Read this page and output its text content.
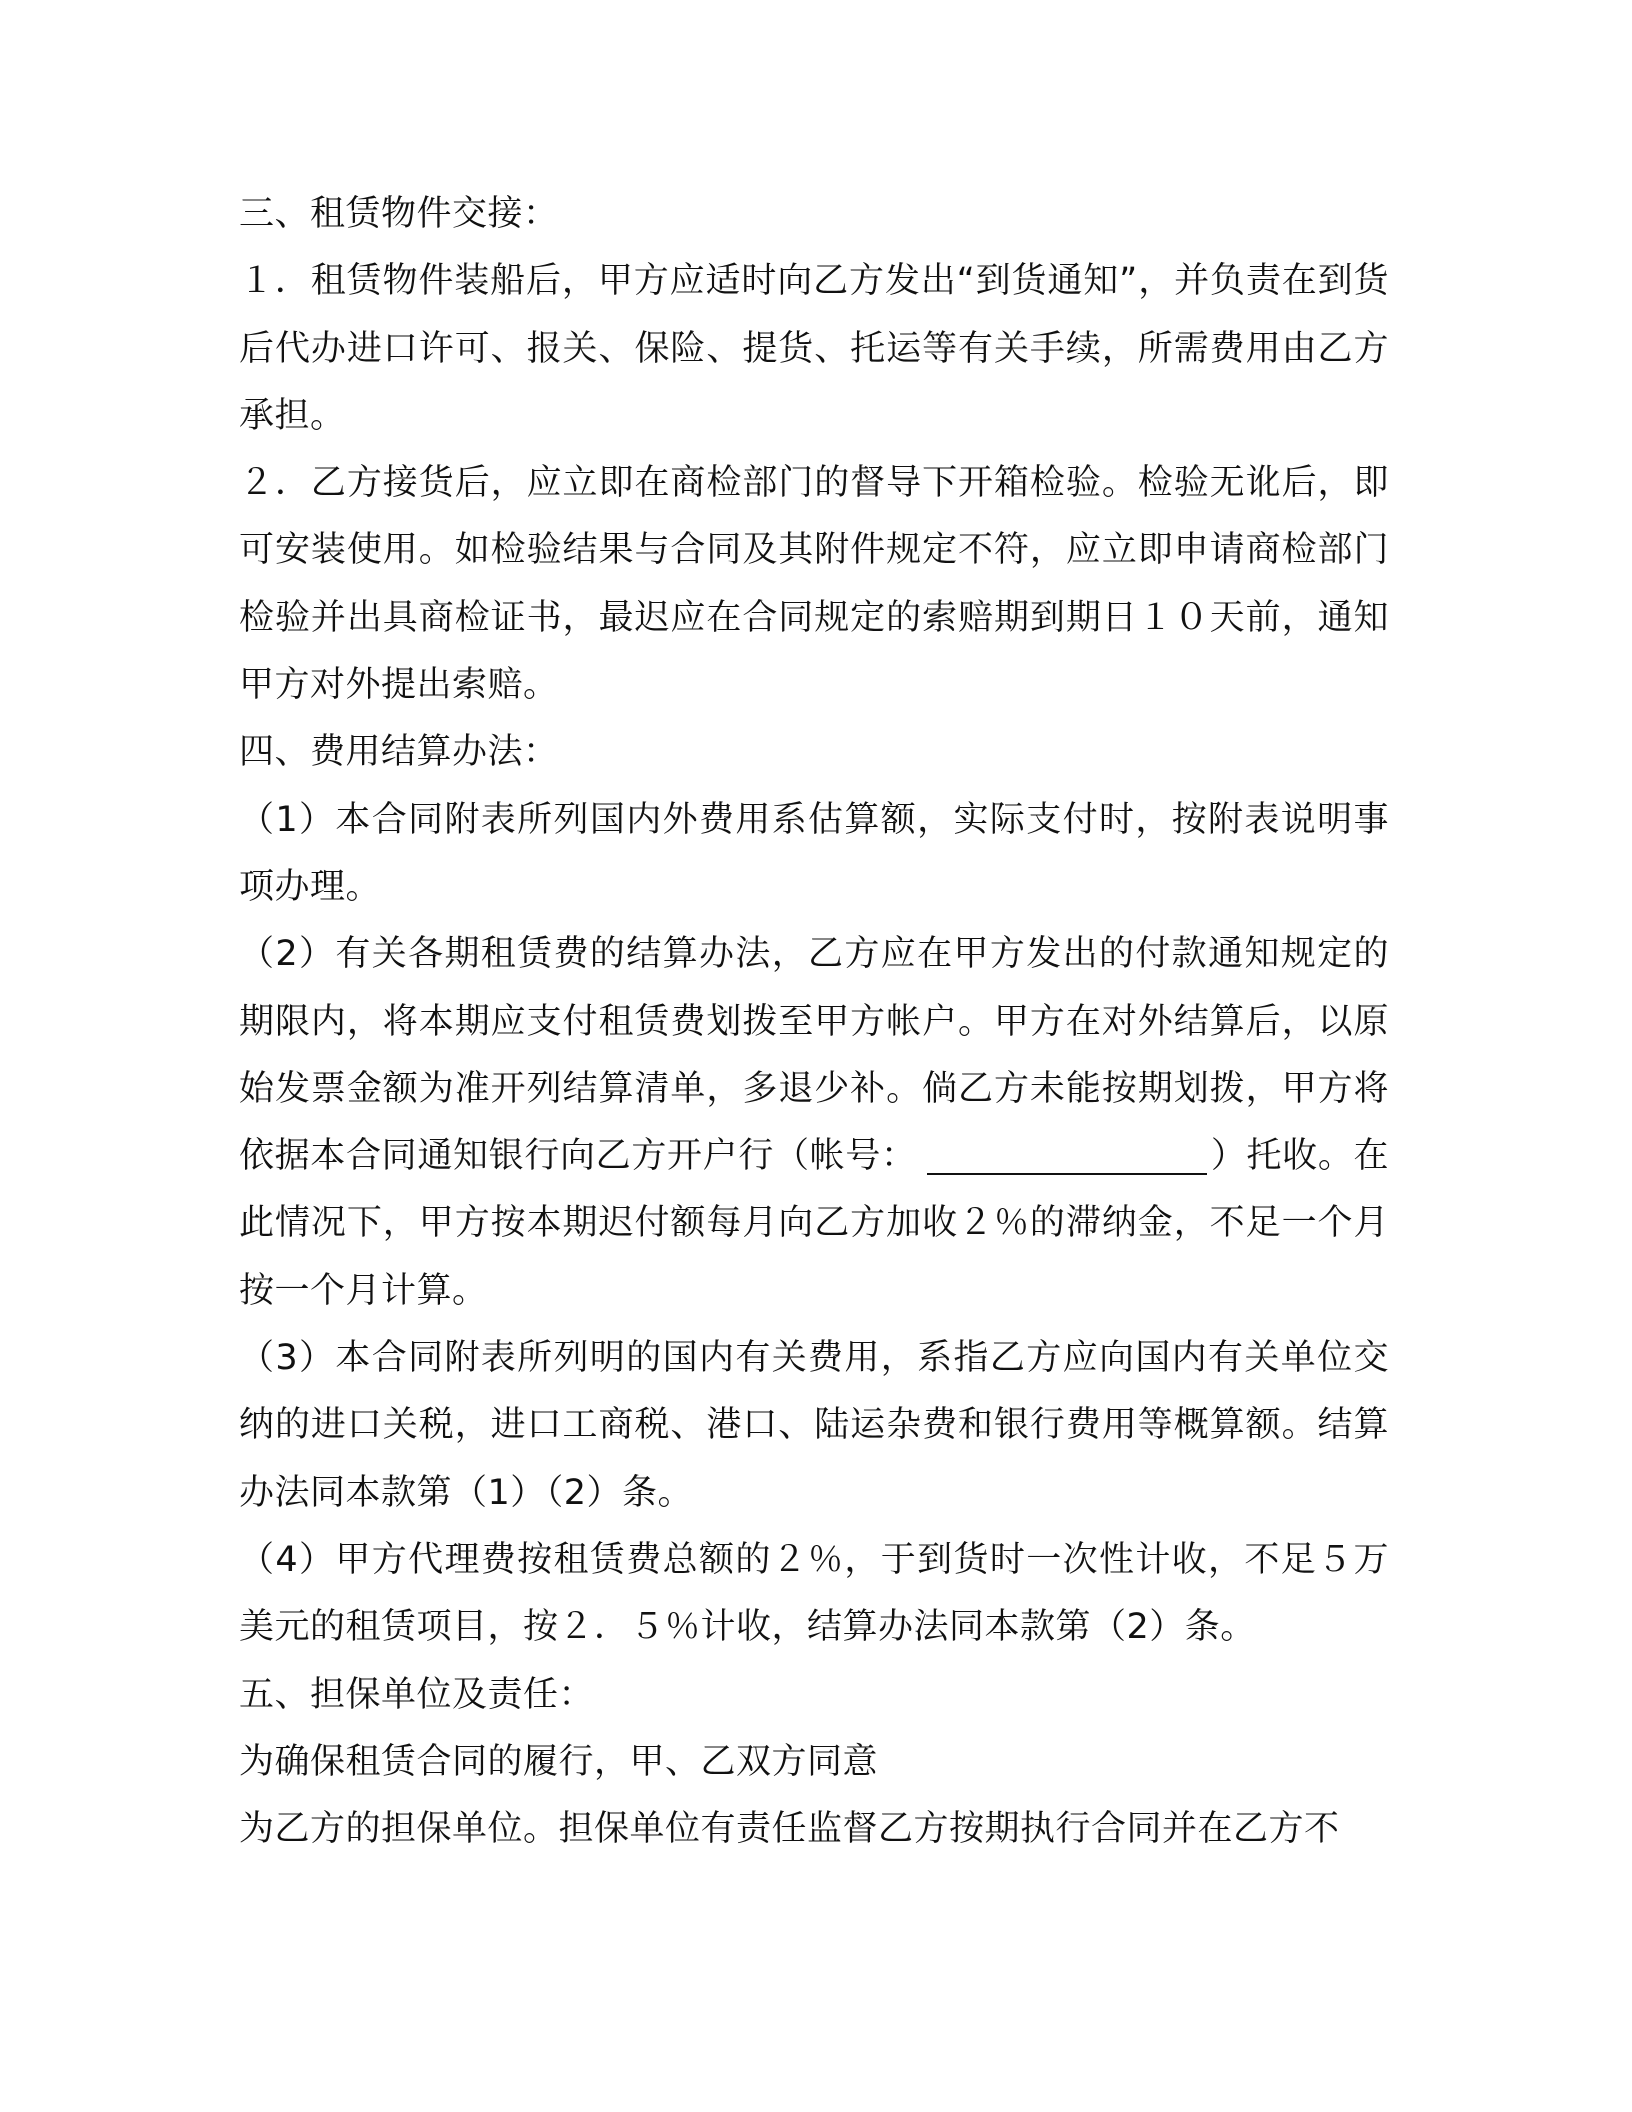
三、租赁物件交接：

１．租赁物件装船后，甲方应适时向乙方发出“到货通知”，并负责在到货后代办进口许可、报关、保险、提货、托运等有关手续，所需费用由乙方承担。

２．乙方接货后，应立即在商检部门的督导下开箱检验。检验无讹后，即可安装使用。如检验结果与合同及其附件规定不符，应立即申请商检部门检验并出具商检证书，最迟应在合同规定的索赔期到期日１０天前，通知甲方对外提出索赔。

四、费用结算办法：

（1）本合同附表所列国内外费用系估算额，实际支付时，按附表说明事项办理。

（2）有关各期租赁费的结算办法，乙方应在甲方发出的付款通知规定的期限内，将本期应支付租赁费划拨至甲方帐户。甲方在对外结算后，以原始发票金额为准开列结算清单，多退少补。倘乙方未能按期划拨，甲方将依据本合同通知银行向乙方开户行（帐号：	）托收。在此情况下，甲方按本期迟付额每月向乙方加收２％的滞纳金，不足一个月按一个月计算。

（3）本合同附表所列明的国内有关费用，系指乙方应向国内有关单位交纳的进口关税，进口工商税、港口、陆运杂费和银行费用等概算额。结算办法同本款第（1）（2）条。

（4）甲方代理费按租赁费总额的２％，于到货时一次性计收，不足５万美元的租赁项目，按２．５％计收，结算办法同本款第（2）条。

五、担保单位及责任：

为确保租赁合同的履行，甲、乙双方同意

为乙方的担保单位。担保单位有责任监督乙方按期执行合同并在乙方不
